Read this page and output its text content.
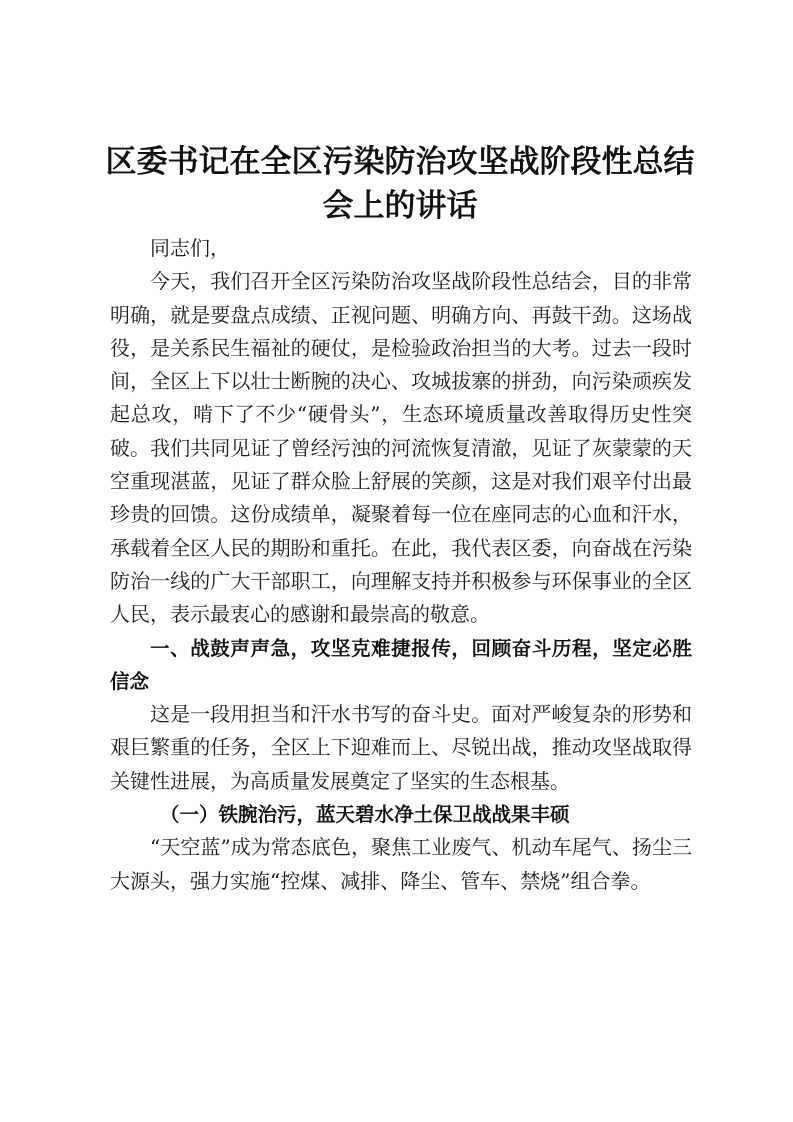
区委书记在全区污染防治攻坚战阶段性总结会上的讲话

同志们，

今天，我们召开全区污染防治攻坚战阶段性总结会，目的非常明确，就是要盘点成绩、正视问题、明确方向、再鼓干劲。这场战役，是关系民生福祉的硬仗，是检验政治担当的大考。过去一段时间，全区上下以壮士断腕的决心、攻城拔寨的拼劲，向污染顽疾发起总攻，啃下了不少“硬骨头”，生态环境质量改善取得历史性突破。我们共同见证了曾经污浊的河流恢复清澈，见证了灰蒙蒙的天空重现湛蓝，见证了群众脸上舒展的笑颜，这是对我们艰辛付出最珍贵的回馈。这份成绩单，凝聚着每一位在座同志的心血和汗水，承载着全区人民的期盼和重托。在此，我代表区委，向奋战在污染防治一线的广大干部职工，向理解支持并积极参与环保事业的全区人民，表示最衷心的感谢和最崇高的敬意。

一、战鼓声声急，攻坚克难捷报传，回顾奋斗历程，坚定必胜信念

这是一段用担当和汗水书写的奋斗史。面对严峻复杂的形势和艰巨繁重的任务，全区上下迎难而上、尽锐出战，推动攻坚战取得关键性进展，为高质量发展奠定了坚实的生态根基。

（一）铁腕治污，蓝天碧水净土保卫战战果丰硕

“天空蓝”成为常态底色，聚焦工业废气、机动车尾气、扬尘三大源头，强力实施“控煤、减排、降尘、管车、禁烧”组合拳。
